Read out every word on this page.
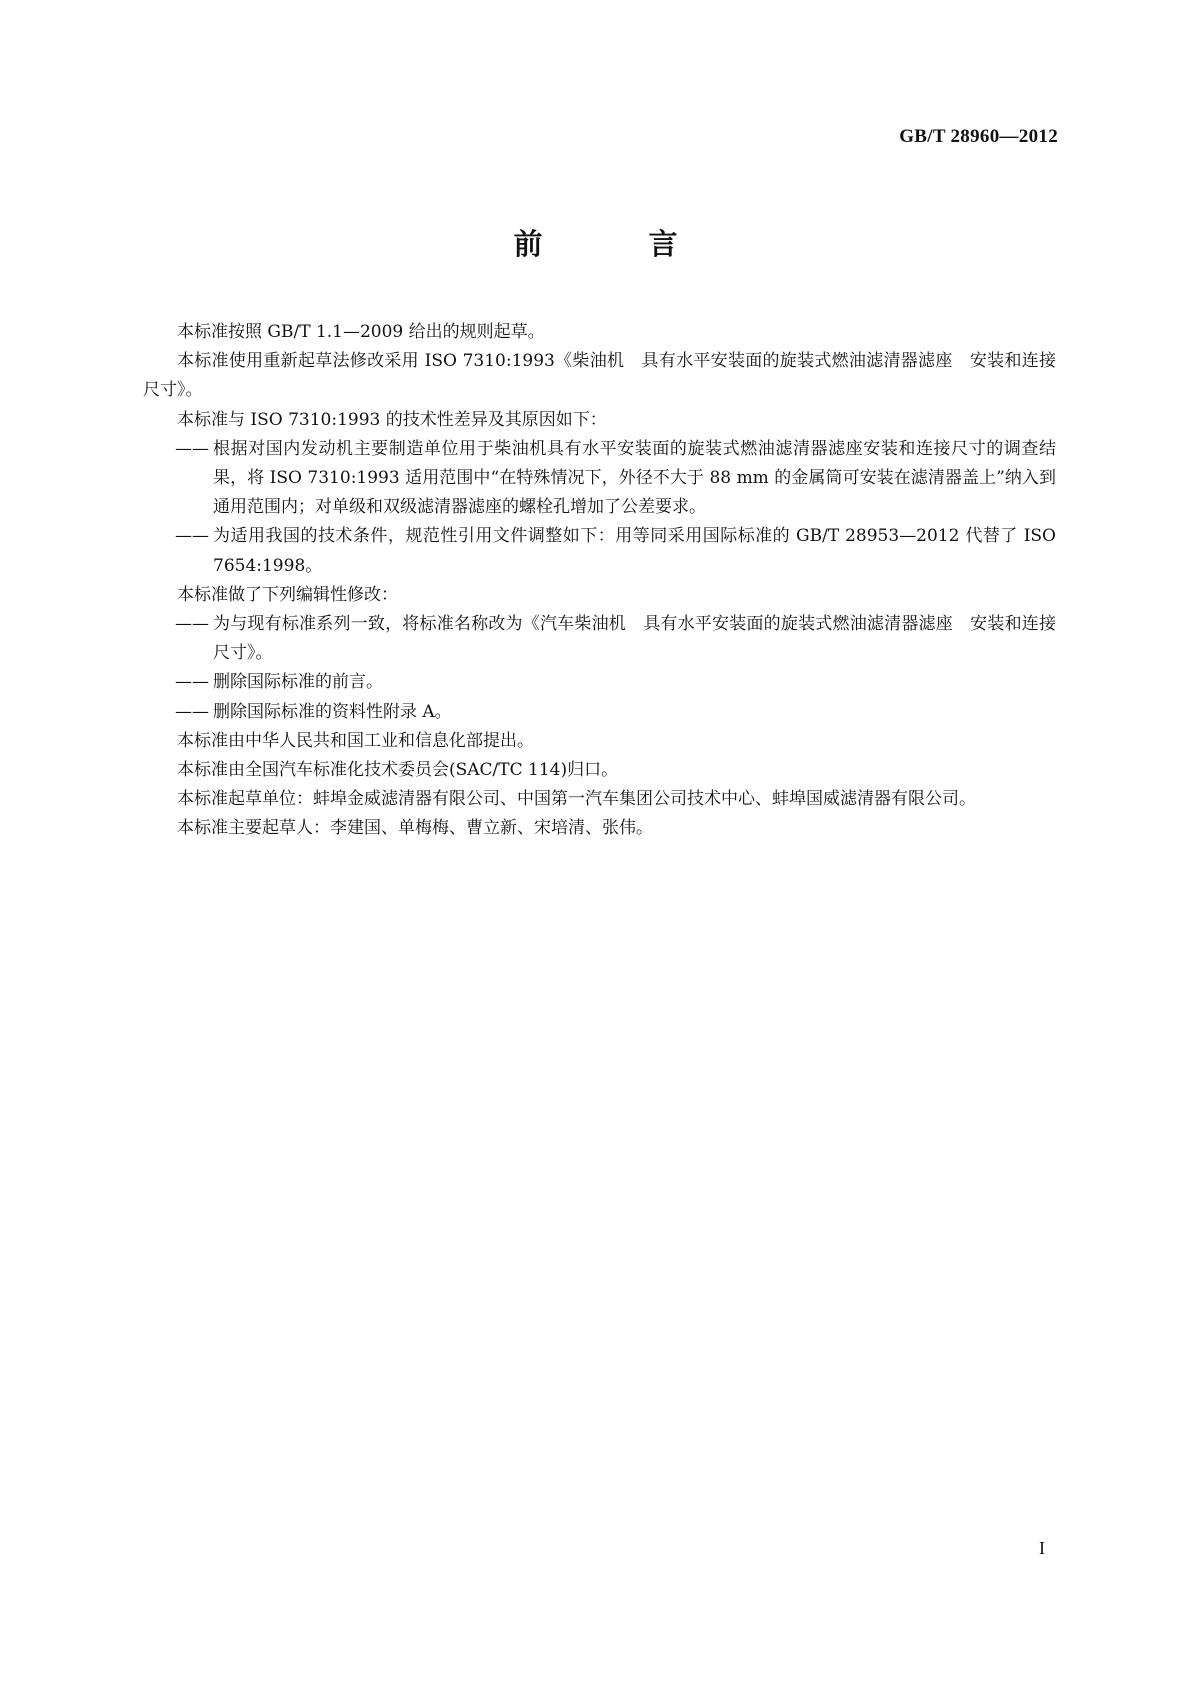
GB/T 28960—2012
前 言

本标准按照 GB/T 1.1—2009 给出的规则起草。

本标准使用重新起草法修改采用 ISO 7310:1993《柴油机　具有水平安装面的旋装式燃油滤清器滤座　安装和连接尺寸》。

本标准与 ISO 7310:1993 的技术性差异及其原因如下：

—— 根据对国内发动机主要制造单位用于柴油机具有水平安装面的旋装式燃油滤清器滤座安装和连接尺寸的调查结果，将 ISO 7310:1993 适用范围中“在特殊情况下，外径不大于 88 mm 的金属筒可安装在滤清器盖上”纳入到通用范围内；对单级和双级滤清器滤座的螺栓孔增加了公差要求。

—— 为适用我国的技术条件，规范性引用文件调整如下：用等同采用国际标准的 GB/T 28953—2012 代替了 ISO 7654:1998。

本标准做了下列编辑性修改：

—— 为与现有标准系列一致，将标准名称改为《汽车柴油机　具有水平安装面的旋装式燃油滤清器滤座　安装和连接尺寸》。

—— 删除国际标准的前言。

—— 删除国际标准的资料性附录 A。

本标准由中华人民共和国工业和信息化部提出。

本标准由全国汽车标准化技术委员会(SAC/TC 114)归口。

本标准起草单位：蚌埠金威滤清器有限公司、中国第一汽车集团公司技术中心、蚌埠国威滤清器有限公司。

本标准主要起草人：李建国、单梅梅、曹立新、宋培清、张伟。

I
